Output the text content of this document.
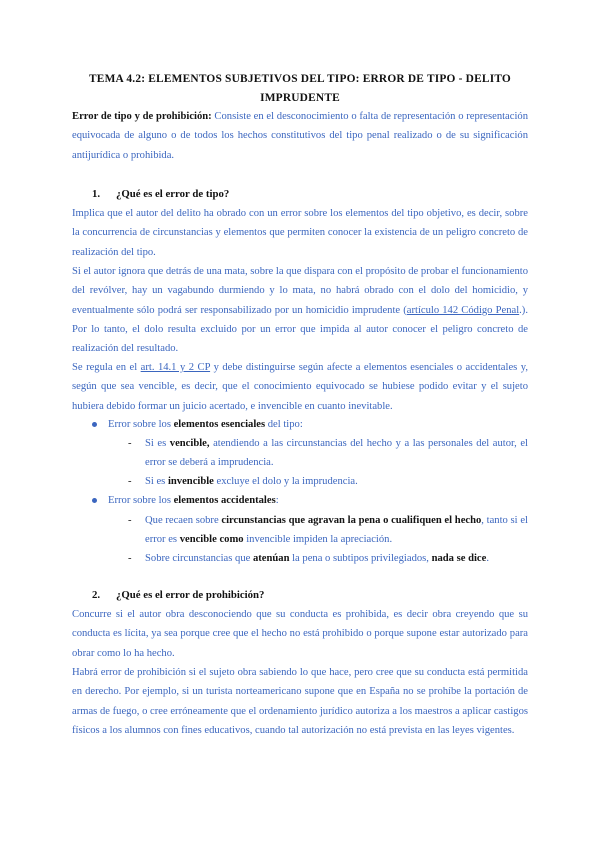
TEMA 4.2: ELEMENTOS SUBJETIVOS DEL TIPO: ERROR DE TIPO - DELITO IMPRUDENTE
Error de tipo y de prohibición: Consiste en el desconocimiento o falta de representación o representación equivocada de alguno o de todos los hechos constitutivos del tipo penal realizado o de su significación antijurídica o prohibida.
1. ¿Qué es el error de tipo?
Implica que el autor del delito ha obrado con un error sobre los elementos del tipo objetivo, es decir, sobre la concurrencia de circunstancias y elementos que permiten conocer la existencia de un peligro concreto de realización del tipo.
Si el autor ignora que detrás de una mata, sobre la que dispara con el propósito de probar el funcionamiento del revólver, hay un vagabundo durmiendo y lo mata, no habrá obrado con el dolo del homicidio, y eventualmente sólo podrá ser responsabilizado por un homicidio imprudente (artículo 142 Código Penal.). Por lo tanto, el dolo resulta excluido por un error que impida al autor conocer el peligro concreto de realización del resultado.
Se regula en el art. 14.1 y 2 CP y debe distinguirse según afecte a elementos esenciales o accidentales y, según que sea vencible, es decir, que el conocimiento equivocado se hubiese podido evitar y el sujeto hubiera debido formar un juicio acertado, e invencible en cuanto inevitable.
Error sobre los elementos esenciales del tipo:
-	Si es vencible, atendiendo a las circunstancias del hecho y a las personales del autor, el error se deberá a imprudencia.
-	Si es invencible excluye el dolo y la imprudencia.
Error sobre los elementos accidentales:
-	Que recaen sobre circunstancias que agravan la pena o cualifiquen el hecho, tanto si el error es vencible como invencible impiden la apreciación.
-	Sobre circunstancias que atenúan la pena o subtipos privilegiados, nada se dice.
2. ¿Qué es el error de prohibición?
Concurre si el autor obra desconociendo que su conducta es prohibida, es decir obra creyendo que su conducta es lícita, ya sea porque cree que el hecho no está prohibido o porque supone estar autorizado para obrar como lo ha hecho.
Habrá error de prohibición si el sujeto obra sabiendo lo que hace, pero cree que su conducta está permitida en derecho. Por ejemplo, si un turista norteamericano supone que en España no se prohíbe la portación de armas de fuego, o cree erróneamente que el ordenamiento jurídico autoriza a los maestros a aplicar castigos físicos a los alumnos con fines educativos, cuando tal autorización no está prevista en las leyes vigentes.
